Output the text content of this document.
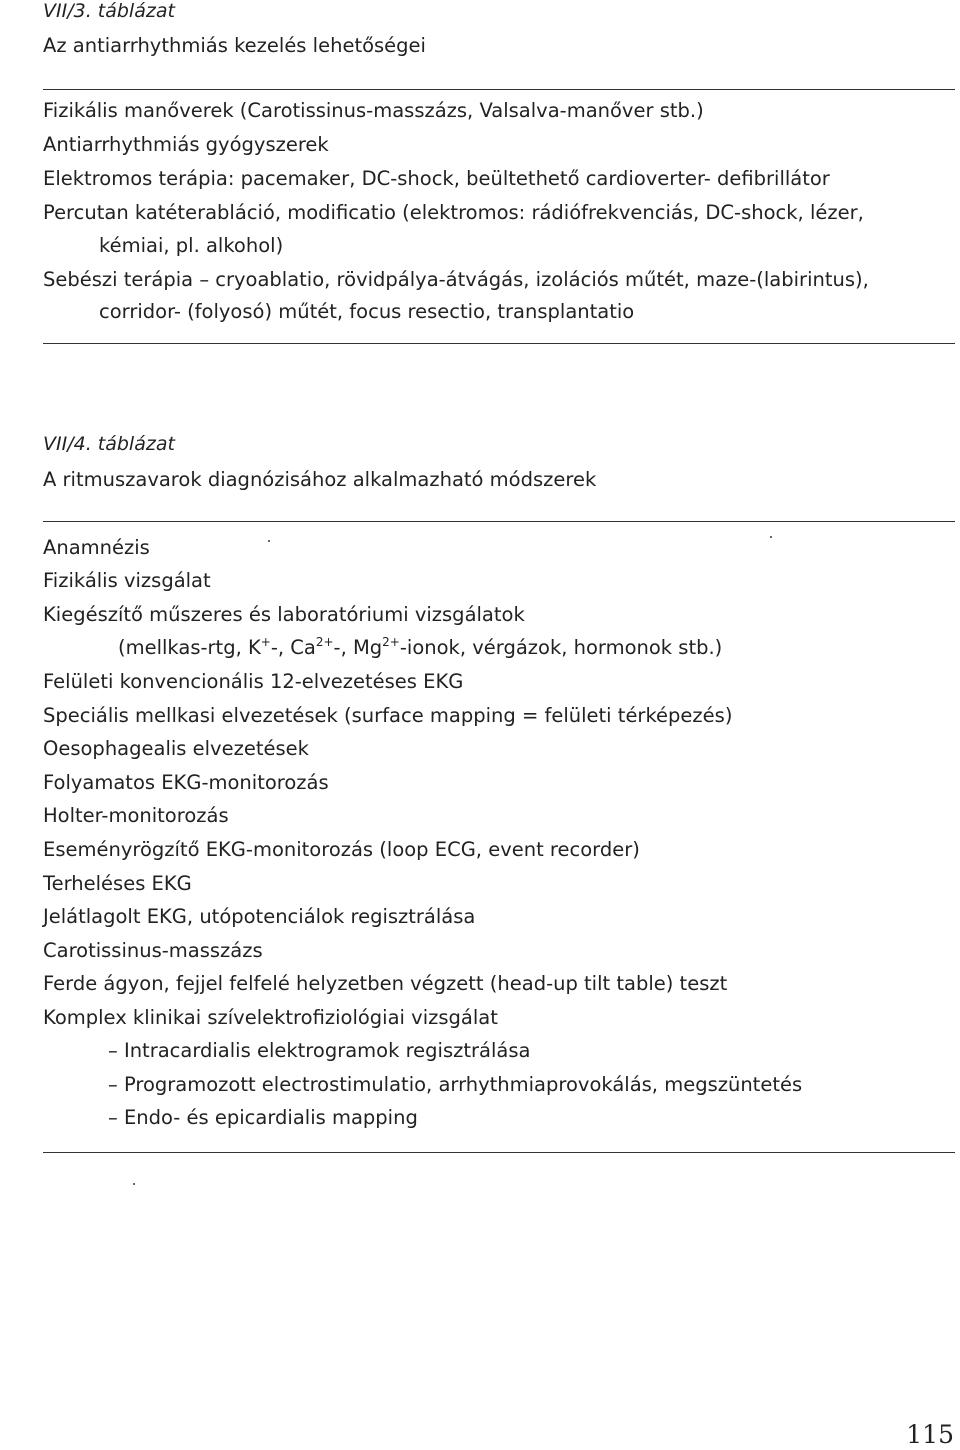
VII/3. táblázat
Az antiarrhythmiás kezelés lehetőségei
Fizikális manőverek (Carotissinus-masszázs, Valsalva-manőver stb.)
Antiarrhythmiás gyógyszerek
Elektromos terápia: pacemaker, DC-shock, beültethető cardioverter- defibrillátor
Percutan katéterabláció, modificatio (elektromos: rádiófrekvenciás, DC-shock, lézer,
kémiai, pl. alkohol)
Sebészi terápia – cryoablatio, rövidpálya-átvágás, izolációs műtét, maze-(labirintus),
corridor- (folyosó) műtét, focus resectio, transplantatio
VII/4. táblázat
A ritmuszavarok diagnózisához alkalmazható módszerek
Anamnézis
Fizikális vizsgálat
Kiegészítő műszeres és laboratóriumi vizsgálatok
(mellkas-rtg, K+-, $Ca^{2+}-$, $Mg^{2+}$-ionok, vérgázok, hormonok stb.)
Felületi konvencionális 12-elvezetéses EKG
Speciális mellkasi elvezetések (surface mapping = felületi térképezés)
Oesophagealis elvezetések
Folyamatos EKG-monitorozás
Holter-monitorozás
Eseményrögzítő EKG-monitorozás (loop ECG, event recorder)
Terheléses EKG
Jelátlagolt EKG, utópotenciálok regisztrálása
Carotissinus-masszázs
Ferde ágyon, fejjel felfelé helyzetben végzett (head-up tilt table) teszt
Komplex klinikai szívelektrofiziológiai vizsgálat
– Intracardialis elektrogramok regisztrálása
– Programozott electrostimulatio, arrhythmiaprovokálás, megszüntetés
– Endo- és epicardialis mapping
115
